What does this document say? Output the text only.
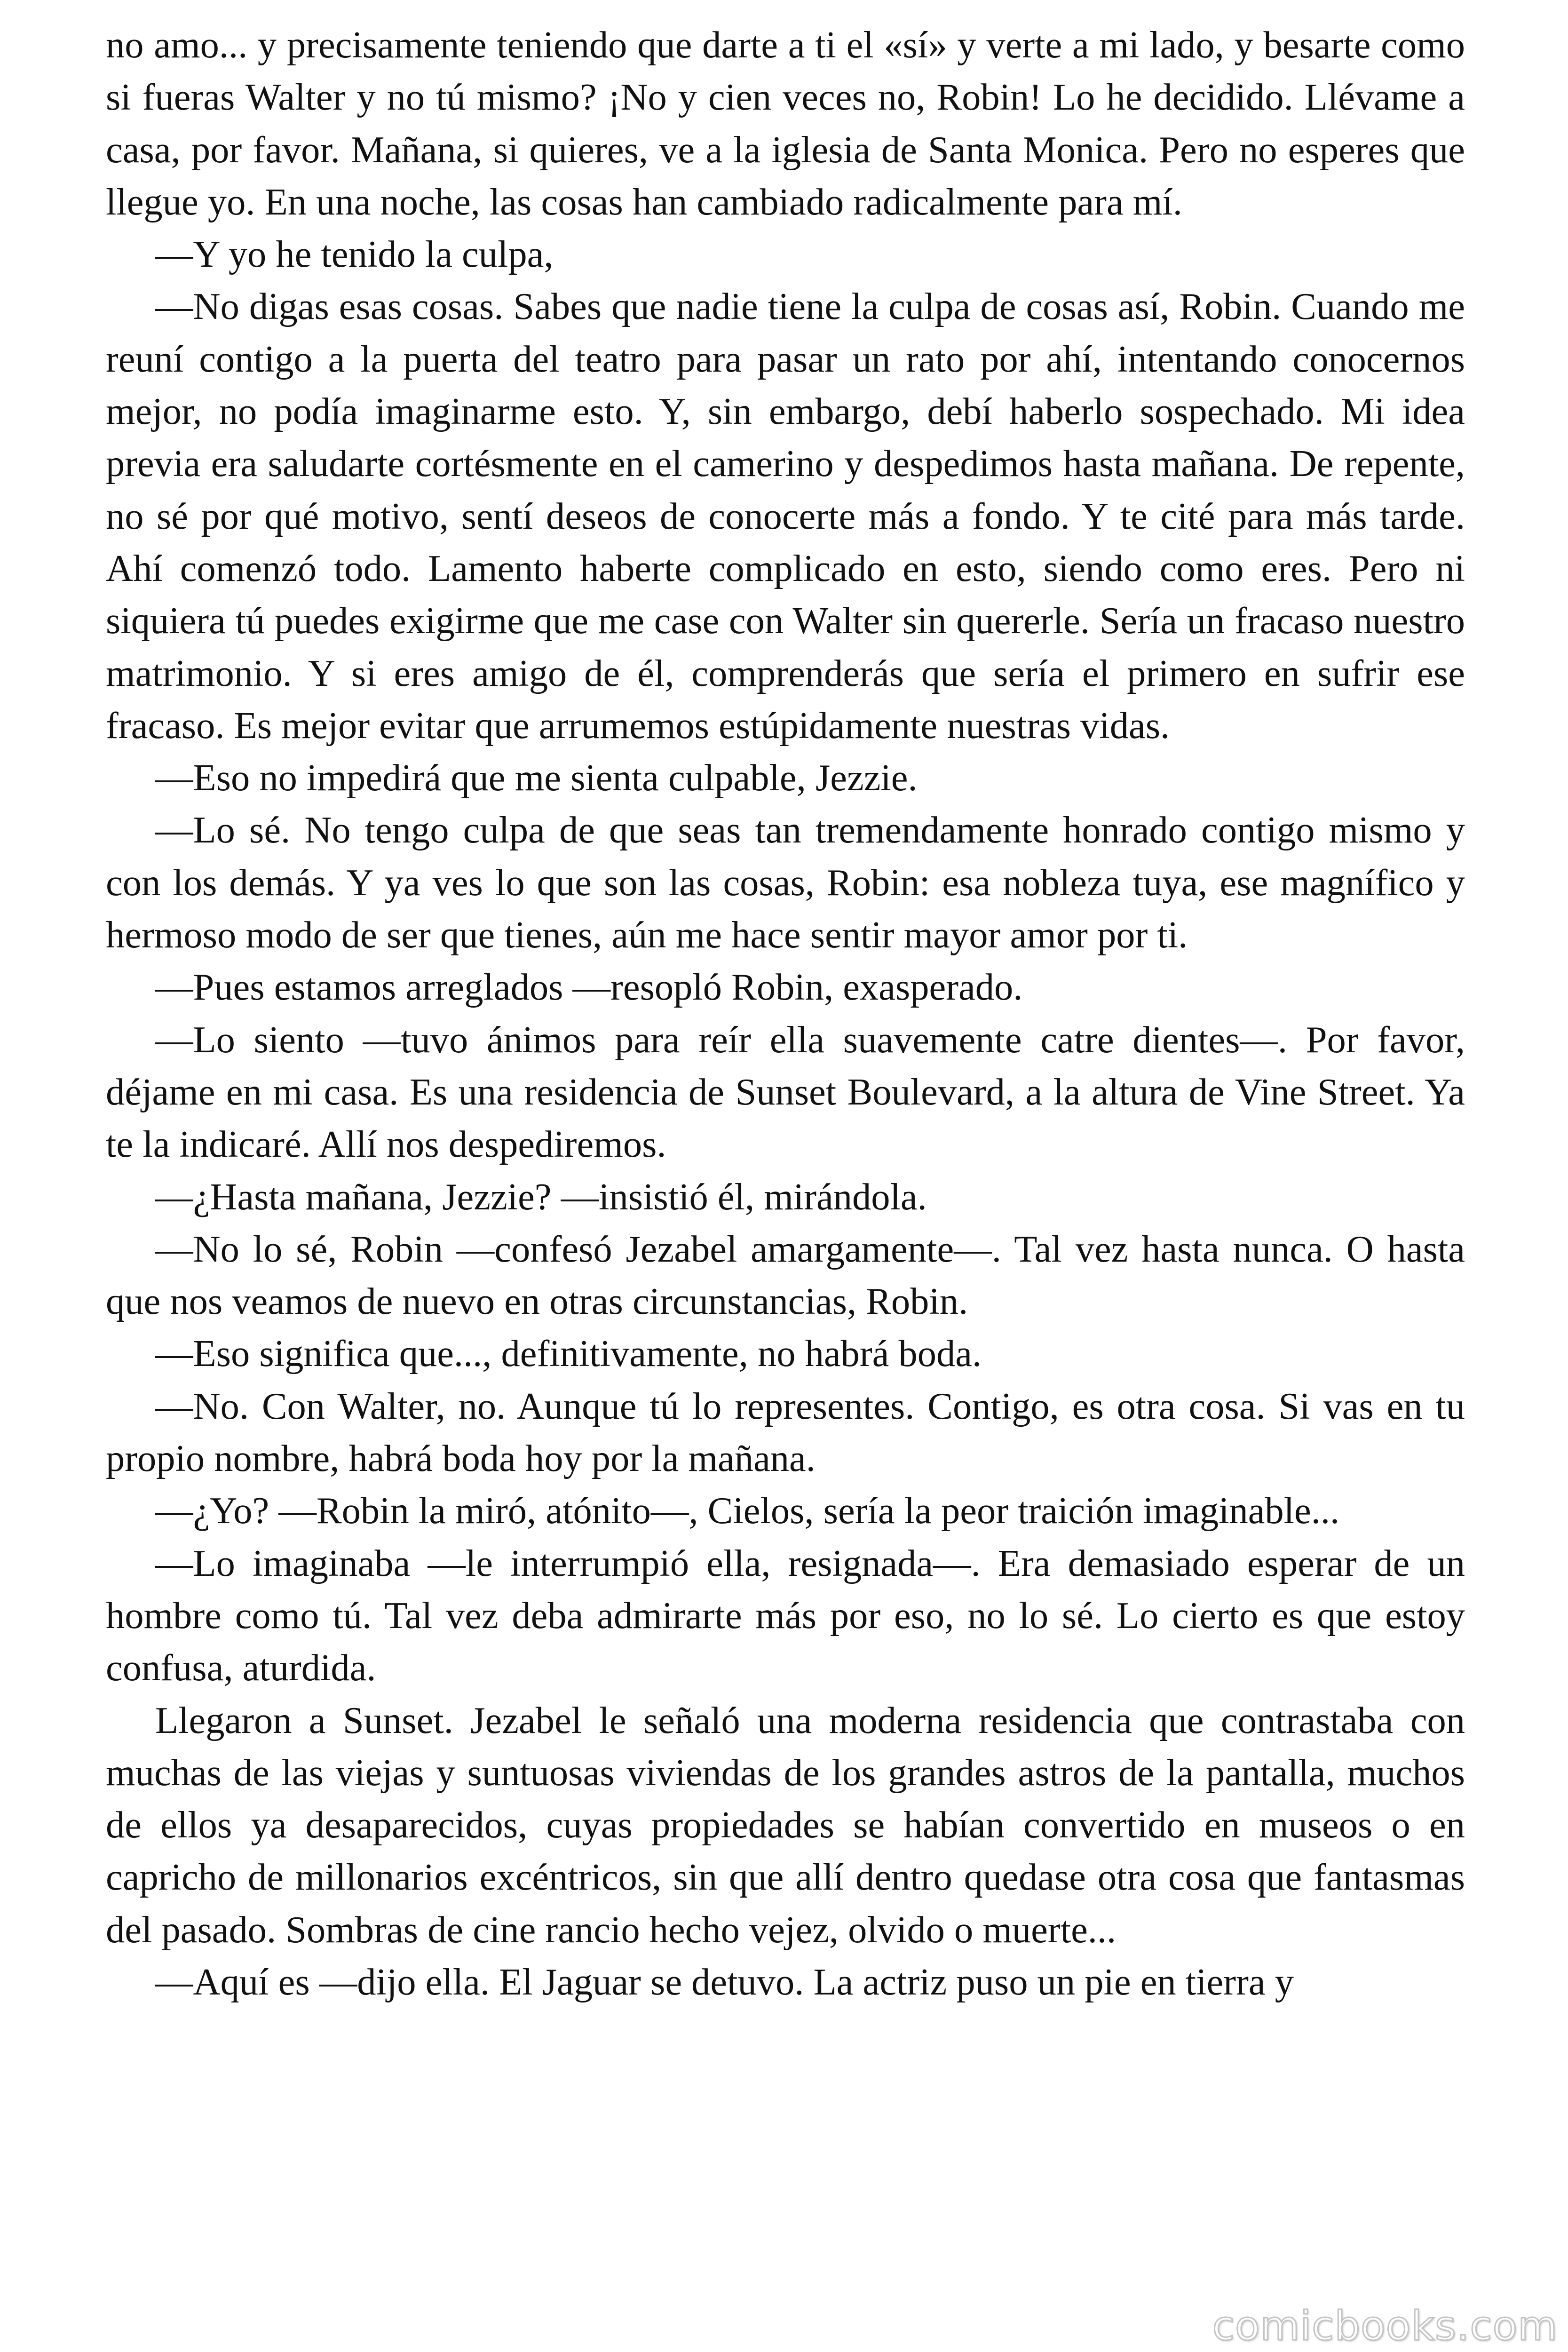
no amo... y precisamente teniendo que darte a ti el «sí» y verte a mi lado, y besarte como si fueras Walter y no tú mismo? ¡No y cien veces no, Robin! Lo he decidido. Llévame a casa, por favor. Mañana, si quieres, ve a la iglesia de Santa Monica. Pero no esperes que llegue yo. En una noche, las cosas han cambiado radicalmente para mí.

—Y yo he tenido la culpa,

—No digas esas cosas. Sabes que nadie tiene la culpa de cosas así, Robin. Cuando me reuní contigo a la puerta del teatro para pasar un rato por ahí, intentando conocernos mejor, no podía imaginarme esto. Y, sin embargo, debí haberlo sospechado. Mi idea previa era saludarte cortésmente en el camerino y despedimos hasta mañana. De repente, no sé por qué motivo, sentí deseos de conocerte más a fondo. Y te cité para más tarde. Ahí comenzó todo. Lamento haberte complicado en esto, siendo como eres. Pero ni siquiera tú puedes exigirme que me case con Walter sin quererle. Sería un fracaso nuestro matrimonio. Y si eres amigo de él, comprenderás que sería el primero en sufrir ese fracaso. Es mejor evitar que arrumemos estúpidamente nuestras vidas.

—Eso no impedirá que me sienta culpable, Jezzie.

—Lo sé. No tengo culpa de que seas tan tremendamente honrado contigo mismo y con los demás. Y ya ves lo que son las cosas, Robin: esa nobleza tuya, ese magnífico y hermoso modo de ser que tienes, aún me hace sentir mayor amor por ti.

—Pues estamos arreglados —resopló Robin, exasperado.

—Lo siento —tuvo ánimos para reír ella suavemente catre dientes—. Por favor, déjame en mi casa. Es una residencia de Sunset Boulevard, a la altura de Vine Street. Ya te la indicaré. Allí nos despediremos.

—¿Hasta mañana, Jezzie? —insistió él, mirándola.

—No lo sé, Robin —confesó Jezabel amargamente—. Tal vez hasta nunca. O hasta que nos veamos de nuevo en otras circunstancias, Robin.

—Eso significa que..., definitivamente, no habrá boda.

—No. Con Walter, no. Aunque tú lo representes. Contigo, es otra cosa. Si vas en tu propio nombre, habrá boda hoy por la mañana.

—¿Yo? —Robin la miró, atónito—, Cielos, sería la peor traición imaginable...

—Lo imaginaba —le interrumpió ella, resignada—. Era demasiado esperar de un hombre como tú. Tal vez deba admirarte más por eso, no lo sé. Lo cierto es que estoy confusa, aturdida.

Llegaron a Sunset. Jezabel le señaló una moderna residencia que contrastaba con muchas de las viejas y suntuosas viviendas de los grandes astros de la pantalla, muchos de ellos ya desaparecidos, cuyas propiedades se habían convertido en museos o en capricho de millonarios excéntricos, sin que allí dentro quedase otra cosa que fantasmas del pasado. Sombras de cine rancio hecho vejez, olvido o muerte...

—Aquí es —dijo ella. El Jaguar se detuvo. La actriz puso un pie en tierra y

comicbooks.com
